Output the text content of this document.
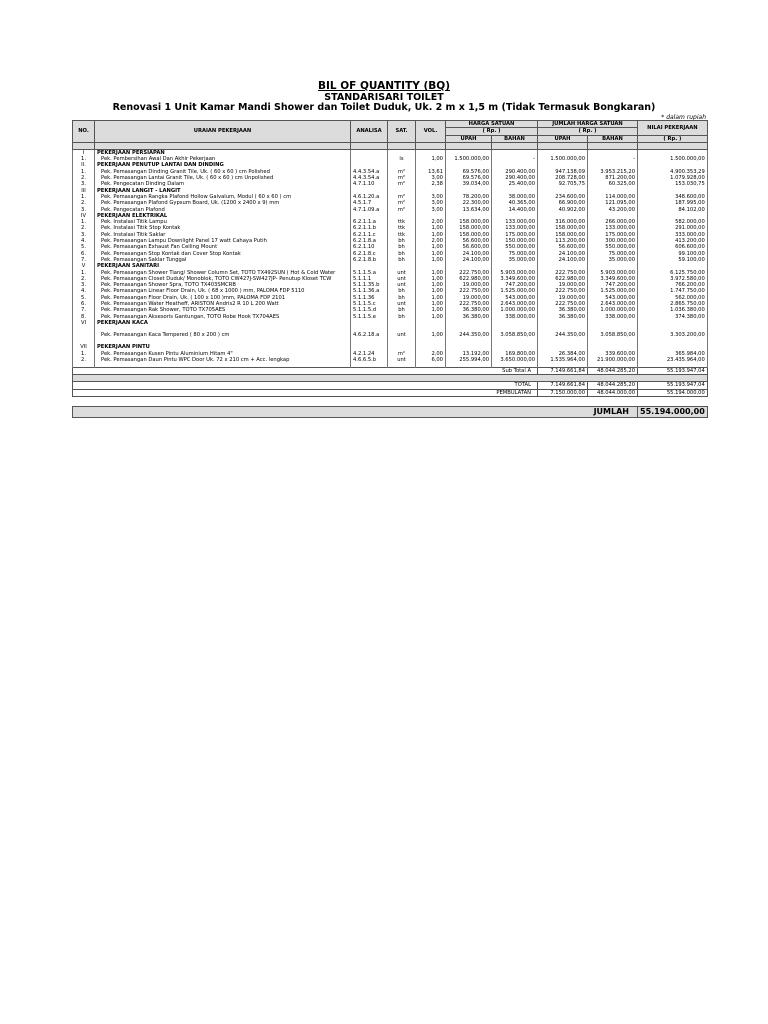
BIL OF QUANTITY (BQ)
STANDARISARI TOILET
Renovasi 1 Unit Kamar Mandi Shower dan Toilet Duduk, Uk. 2 m x 1,5 m (Tidak Termasuk Bongkaran)
* dalam rupiah
NO.	URAIAN PEKERJAAN	ANALISA	SAT.	VOL.	HARGA SATUAN		JUMLAH HARGA SATUAN		NILAI PEKERJAAN
					( Rp. )		( Rp. )		
					UPAH	BAHAN	UPAH	BAHAN	( Rp. )

I	PEKERJAAN PERSIAPAN								
1.	Pek. Pembersihan Awal Dan Akhir Pekerjaan		ls	1,00	1.500.000,00	-	1.500.000,00	-	1.500.000,00
II.	PEKERJAAN PENUTUP LANTAI DAN DINDING								
1.	Pek. Pemasangan Dinding Granit Tile, Uk. ( 60 x 60 ) cm Polished	4.4.3.54.a	m²	13,61	69.576,00	290.400,00	947.138,09	3.953.215,20	4.900.353,29
2.	Pek. Pemasangan Lantai Granit Tile, Uk. ( 60 x 60 ) cm Unpolished	4.4.3.54.a	m²	3,00	69.576,00	290.400,00	208.728,00	871.200,00	1.079.928,00
3.	Pek. Pengecatan Dinding Dalam	4.7.1.10	m²	2,38	39.034,00	25.400,00	92.705,75	60.325,00	153.030,75
III	PEKERJAAN LANGIT - LANGIT								
1.	Pek. Pemasangan Rangka Plafond Hollow Galvalum, Modul ( 60 x 60 ) cm	4.6.1.20.a	m²	3,00	78.200,00	38.000,00	234.600,00	114.000,00	348.600,00
2.	Pek. Pemasangan Plafond Gypsum Board, Uk. (1200 x 2400 x 9) mm	4.5.1.7	m²	3,00	22.300,00	40.365,00	66.900,00	121.095,00	187.995,00
3.	Pek. Pengecatan Plafond	4.7.1.09.a	m²	3,00	13.634,00	14.400,00	40.902,00	43.200,00	84.102,00
IV	PEKERJAAN ELEKTRIKAL								
1.	Pek. Instalasi Titik Lampu	6.2.1.1.a	ttk	2,00	158.000,00	133.000,00	316.000,00	266.000,00	582.000,00
2.	Pek. Instalasi Titik Stop Kontak	6.2.1.1.b	ttk	1,00	158.000,00	133.000,00	158.000,00	133.000,00	291.000,00
3.	Pek. Instalasi Titik Saklar	6.2.1.1.c	ttk	1,00	158.000,00	175.000,00	158.000,00	175.000,00	333.000,00
4.	Pek. Pemasangan Lampu Downlight Panel 17 watt Cahaya Putih	6.2.1.8.a	bh	2,00	56.600,00	150.000,00	113.200,00	300.000,00	413.200,00
5.	Pek. Pemasangan Exhaust Fan Ceiling Mount	6.2.1.10	bh	1,00	56.600,00	550.000,00	56.600,00	550.000,00	606.600,00
6.	Pek. Pemasangan Stop Kontak dan Cover Stop Kontak	6.2.1.8.c	bh	1,00	24.100,00	75.000,00	24.100,00	75.000,00	99.100,00
7.	Pek. Pemasangan Saklar Tunggal	6.2.1.8.b	bh	1,00	24.100,00	35.000,00	24.100,00	35.000,00	59.100,00
V	PEKERJAAN SANITARI								
1.	Pek. Pemasangan Shower Tiang/ Shower Column Set, TOTO TX492SUN ( Hot & Cold Water	5.1.1.5.a	unt	1,00	222.750,00	5.903.000,00	222.750,00	5.903.000,00	6.125.750,00
2.	Pek. Pemasangan Closet Duduk/ Monoblok, TOTO CW427J-SW427JP- Penutup Kloset TCW	5.1.1.1	unt	1,00	622.980,00	3.349.600,00	622.980,00	3.349.600,00	3.972.580,00
3.	Pek. Pemasangan Shower Spra, TOTO TX403SMCRB	5.1.1.35.b	unt	1,00	19.000,00	747.200,00	19.000,00	747.200,00	766.200,00
4.	Pek. Pemasangan Linear Floor Drain, Uk. ( 68 x 1000 ) mm, PALOMA FDP 5110	5.1.1.36.a	bh	1,00	222.750,00	1.525.000,00	222.750,00	1.525.000,00	1.747.750,00
5.	Pek. Pemasangan Floor Drain, Uk. ( 100 x 100 )mm, PALOMA FDP 2101	5.1.1.36	bh	1,00	19.000,00	543.000,00	19.000,00	543.000,00	562.000,00
6.	Pek. Pemasangan Water Heatheff, ARISTON Andris2 R 10 L 200 Watt	5.1.1.5.c	unt	1,00	222.750,00	2.643.000,00	222.750,00	2.643.000,00	2.865.750,00
7.	Pek. Pemasangan Rak Shower, TOTO TX705AES	5.1.1.5.d	bh	1,00	36.380,00	1.000.000,00	36.380,00	1.000.000,00	1.036.380,00
8.	Pek. Pemasangan Aksesoris Gantungan, TOTO Robe Hook TX704AES	5.1.1.5.e	bh	1,00	36.380,00	338.000,00	36.380,00	338.000,00	374.380,00
VI	PEKERJAAN KACA								
	Pek. Pemasangan Kaca Tempered ( 80 x 200 ) cm	4.6.2.18.a	unt	1,00	244.350,00	3.058.850,00	244.350,00	3.058.850,00	3.303.200,00
VII	PEKERJAAN PINTU								
1.	Pek. Pemasangan Kusen Pintu Aluminium Hitam 4"	4.2.1.24	m²	2,00	13.192,00	169.800,00	26.384,00	339.600,00	365.984,00
2.	Pek. Pemasangan Daun Pintu WPC Door Uk. 72 x 210 cm + Acc. lengkap	4.6.6.5.b	unt	6,00	255.994,00	3.650.000,00	1.535.964,00	21.900.000,00	23.435.964,00

Sub Total A							7.149.661,84	48.044.285,20	55.193.947,04

TOTAL							7.149.661,84	48.044.285,20	55.193.947,04
PEMBULATAN							7.150.000,00	48.044.000,00	55.194.000,00

JUMLAH									55.194.000,00
